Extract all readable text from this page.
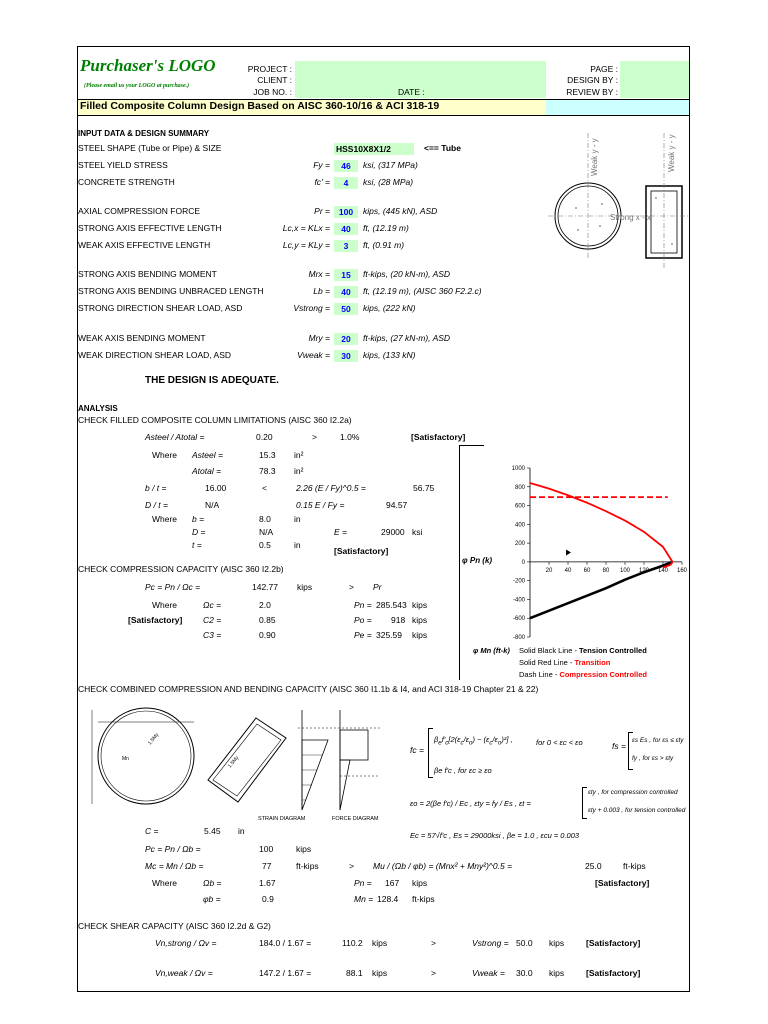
Purchaser's LOGO
(Please email us your LOGO at purchase.)
PROJECT :
CLIENT :
JOB NO. :	DATE :
PAGE :
DESIGN BY :
REVIEW BY :
Filled Composite Column Design Based on AISC 360-10/16 & ACI 318-19
INPUT DATA & DESIGN SUMMARY
STEEL SHAPE (Tube or Pipe) & SIZE	HSS10X8X1/2	<== Tube
STEEL YIELD STRESS	Fy =	46	ksi, (317 MPa)
CONCRETE STRENGTH	fc' =	4	ksi, (28 MPa)
AXIAL COMPRESSION FORCE	Pr =	100	kips, (445 kN), ASD
STRONG AXIS EFFECTIVE LENGTH	Lc,x = KLx =	40	ft, (12.19 m)
WEAK AXIS EFFECTIVE LENGTH	Lc,y = KLy =	3	ft, (0.91 m)
STRONG AXIS BENDING MOMENT	Mrx =	15	ft-kips, (20 kN-m), ASD
STRONG AXIS BENDING UNBRACED LENGTH	Lb =	40	ft, (12.19 m), (AISC 360 F2.2.c)
STRONG DIRECTION SHEAR LOAD, ASD	Vstrong =	50	kips, (222 kN)
WEAK AXIS BENDING MOMENT	Mry =	20	ft-kips, (27 kN-m), ASD
WEAK DIRECTION SHEAR LOAD, ASD	Vweak =	30	kips, (133 kN)
THE DESIGN IS ADEQUATE.
Weak y - y	Weak y - y
Strong x - x
ANALYSIS
CHECK FILLED COMPOSITE COLUMN LIMITATIONS (AISC 360 I2.2a)
Asteel / Atotal =	0.20	>	1.0%	[Satisfactory]
Where Asteel =	15.3 in²
Atotal =	78.3 in²
b / t =	16.00	<	2.26 (E / Fy)^0.5 =	56.75
D / t =	N/A	0.15 E / Fy =	94.57
Where b =	8.0	in
D =	N/A	E =	29000 ksi
t =	0.5	in
[Satisfactory]
CHECK COMPRESSION CAPACITY (AISC 360 I2.2b)
Pc = Pn / Ωc =	142.77 kips	> Pr
Where	Ωc =	2.0	Pn = 285.543 kips
[Satisfactory] C2 =	0.85	Po = 918 kips
C3 =	0.90	Pe = 325.59 kips
1000
800
600
400
200
0
-200
-400
-600
-800
20 40 60 80 100 120 140 160
φ Pn (k)
φ Mn (ft-k) Solid Black Line - Tension Controlled
Solid Red Line - Transition
Dash Line - Compression Controlled
CHECK COMBINED COMPRESSION AND BENDING CAPACITY (AISC 360 I1.1b & I4, and ACI 318-19 Chapter 21 & 22)
Mn
1.5My
1.5My
STRAIN DIAGRAM	FORCE DIAGRAM
fc =
$\beta_ef'_c[2(\varepsilon_c/\varepsilon_o) - (\varepsilon_c/\varepsilon_o)^2]$ ,	for 0 < εc < εo
βe f'c , for εc ≥ εo
fs =
εs Es , for εs ≤ εty
fy , for εs > εty
εo = 2(βe f'c) / Ec , εty = fy / Es , εt =
εty , for compression controlled
εty + 0.003 , for tension controlled
Ec = 57√f'c , Es = 29000ksi , βe = 1.0 , εcu = 0.003
C =	5.45 in
Pc = Pn / Ωb =	100	kips
Mc = Mn / Ωb =	77	ft-kips	> Mu / (Ωb / φb) = (Mnx² + Mny²)^0.5 =	25.0	ft-kips
Where	Ωb =	1.67	Pn = 167 kips	[Satisfactory]
φb =	0.9	Mn = 128.4 ft-kips
CHECK SHEAR CAPACITY (AISC 360 I2.2d & G2)
Vn,strong / Ωv =	184.0 / 1.67 =	110.2 kips	>	Vstrong = 50.0 kips	[Satisfactory]
Vn,weak / Ωv =	147.2 / 1.67 =	88.1 kips	>	Vweak = 30.0 kips	[Satisfactory]
